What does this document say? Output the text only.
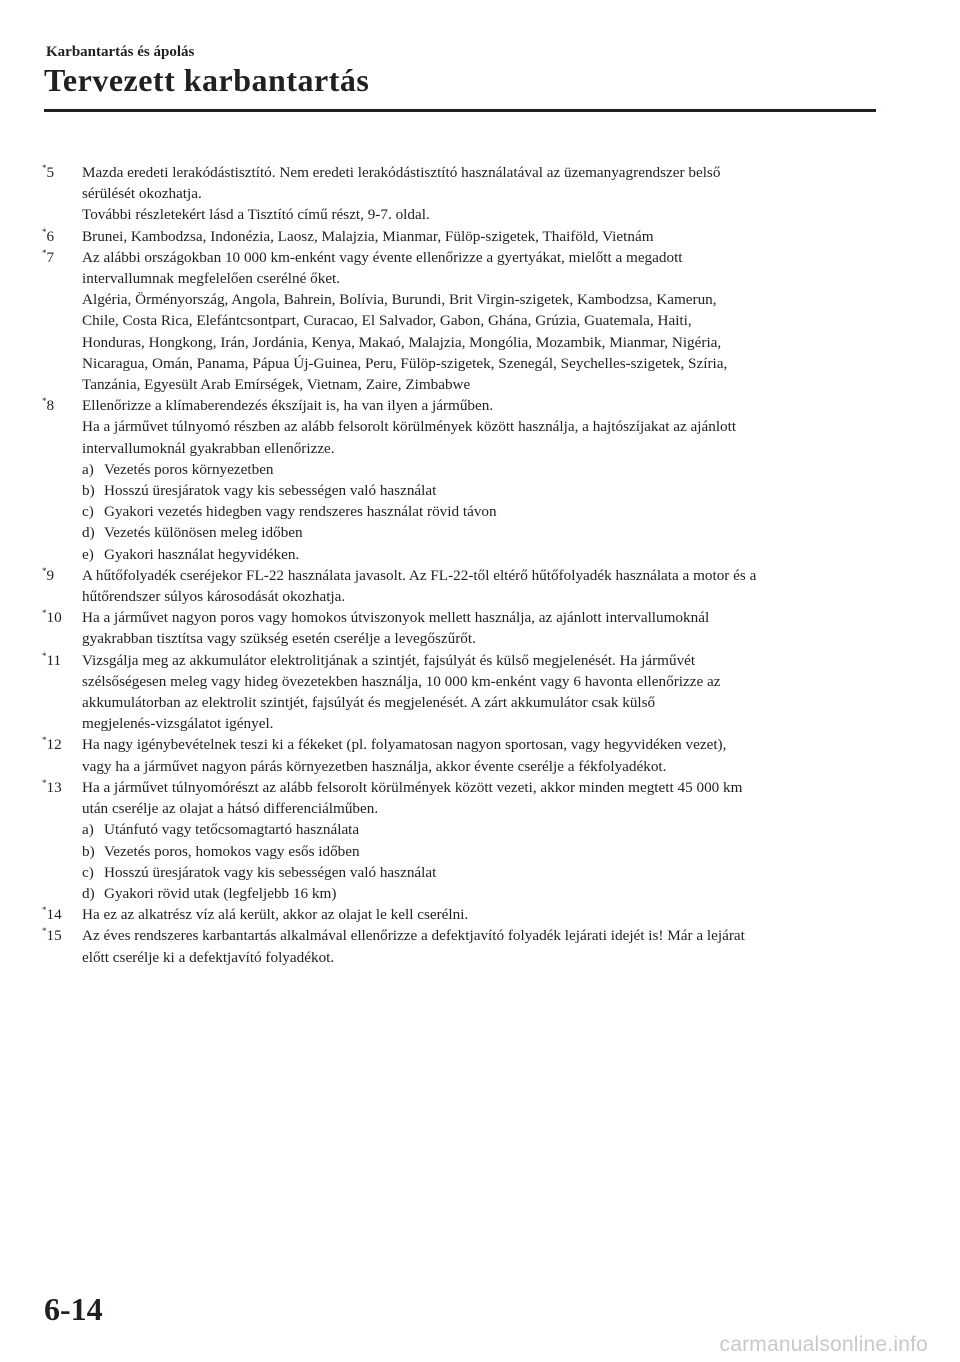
Karbantartás és ápolás
Tervezett karbantartás
*5 Mazda eredeti lerakódástisztító. Nem eredeti lerakódástisztító használatával az üzemanyagrendszer belső
sérülését okozhatja.
További részletekért lásd a Tisztító című részt, 9-7. oldal.
*6 Brunei, Kambodzsa, Indonézia, Laosz, Malajzia, Mianmar, Fülöp-szigetek, Thaiföld, Vietnám
*7 Az alábbi országokban 10 000 km-enként vagy évente ellenőrizze a gyertyákat, mielőtt a megadott
intervallumnak megfelelően cserélné őket.
Algéria, Örményország, Angola, Bahrein, Bolívia, Burundi, Brit Virgin-szigetek, Kambodzsa, Kamerun,
Chile, Costa Rica, Elefántcsontpart, Curacao, El Salvador, Gabon, Ghána, Grúzia, Guatemala, Haiti,
Honduras, Hongkong, Irán, Jordánia, Kenya, Makaó, Malajzia, Mongólia, Mozambik, Mianmar, Nigéria,
Nicaragua, Omán, Panama, Pápua Új-Guinea, Peru, Fülöp-szigetek, Szenegál, Seychelles-szigetek, Szíria,
Tanzánia, Egyesült Arab Emírségek, Vietnam, Zaire, Zimbabwe
*8 Ellenőrizze a klímaberendezés ékszíjait is, ha van ilyen a járműben.
Ha a járművet túlnyomó részben az alább felsorolt körülmények között használja, a hajtószíjakat az ajánlott
intervallumoknál gyakrabban ellenőrizze.
a) Vezetés poros környezetben
b) Hosszú üresjáratok vagy kis sebességen való használat
c) Gyakori vezetés hidegben vagy rendszeres használat rövid távon
d) Vezetés különösen meleg időben
e) Gyakori használat hegyvidéken.
*9 A hűtőfolyadék cseréjekor FL-22 használata javasolt. Az FL-22-től eltérő hűtőfolyadék használata a motor és a
hűtőrendszer súlyos károsodását okozhatja.
*10 Ha a járművet nagyon poros vagy homokos útviszonyok mellett használja, az ajánlott intervallumoknál
gyakrabban tisztítsa vagy szükség esetén cserélje a levegőszűrőt.
*11 Vizsgálja meg az akkumulátor elektrolitjának a szintjét, fajsúlyát és külső megjelenését. Ha járművét
szélsőségesen meleg vagy hideg övezetekben használja, 10 000 km-enként vagy 6 havonta ellenőrizze az
akkumulátorban az elektrolit szintjét, fajsúlyát és megjelenését. A zárt akkumulátor csak külső
megjelenés-vizsgálatot igényel.
*12 Ha nagy igénybevételnek teszi ki a fékeket (pl. folyamatosan nagyon sportosan, vagy hegyvidéken vezet),
vagy ha a járművet nagyon párás környezetben használja, akkor évente cserélje a fékfolyadékot.
*13 Ha a járművet túlnyomórészt az alább felsorolt körülmények között vezeti, akkor minden megtett 45 000 km
után cserélje az olajat a hátsó differenciálműben.
a) Utánfutó vagy tetőcsomagtartó használata
b) Vezetés poros, homokos vagy esős időben
c) Hosszú üresjáratok vagy kis sebességen való használat
d) Gyakori rövid utak (legfeljebb 16 km)
*14 Ha ez az alkatrész víz alá került, akkor az olajat le kell cserélni.
*15 Az éves rendszeres karbantartás alkalmával ellenőrizze a defektjavító folyadék lejárati idejét is! Már a lejárat
előtt cserélje ki a defektjavító folyadékot.
6-14
carmanualsonline.info
